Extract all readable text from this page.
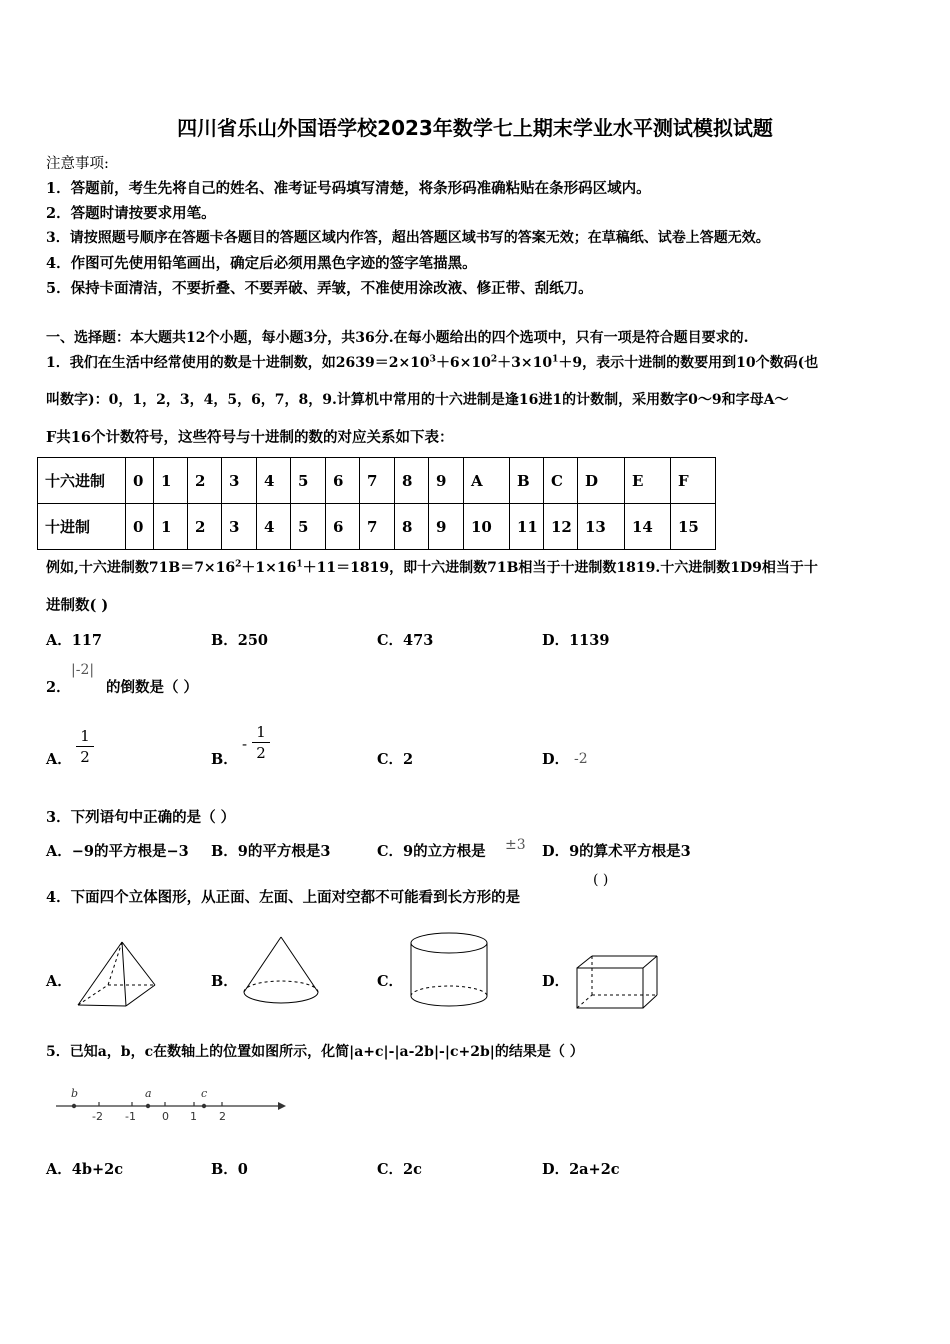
四川省乐山外国语学校2023年数学七上期末学业水平测试模拟试题
注意事项:
1．答题前，考生先将自己的姓名、准考证号码填写清楚，将条形码准确粘贴在条形码区域内。
2．答题时请按要求用笔。
3．请按照题号顺序在答题卡各题目的答题区域内作答，超出答题区域书写的答案无效；在草稿纸、试卷上答题无效。
4．作图可先使用铅笔画出，确定后必须用黑色字迹的签字笔描黑。
5．保持卡面清洁，不要折叠、不要弄破、弄皱，不准使用涂改液、修正带、刮纸刀。
一、选择题：本大题共12个小题，每小题3分，共36分.在每小题给出的四个选项中，只有一项是符合题目要求的.
1．我们在生活中经常使用的数是十进制数，如$2639=2\times 10^3+6\times 10^2+3\times 10^1+9$，表示十进制的数要用到10个数码(也
叫数字)：0，1，2，3，4，5，6，7，8，9.计算机中常用的十六进制是逢16进1的计数制，采用数字0～9和字母A～
F共16个计数符号，这些符号与十进制的数的对应关系如下表：
十六进制	0	1	2	3	4	5	6	7	8	9	A	B	C	D	E	F
十进制	0	1	2	3	4	5	6	7	8	9	10	11	12	13	14	15
例如,十六进制数$71B=7\times 16^2+1\times 16^1+11=1819$，即十六进制数71B相当于十进制数1819.十六进制数1D9相当于十
进制数( )
A．117	B．250	C．473	D．1139
2．
|-2|
的倒数是（ ）
A． $\frac{1}{2}$	B．
- $\frac{1}{2}$	C．2	D． -2
3．下列语句中正确的是（ ）
A．−9的平方根是−3 B．9的平方根是3	C．9的立方根是 ±3 D．9的算术平方根是3
4．下面四个立体图形，从正面、左面、上面对空都不可能看到长方形的是
( )
A．	B．	C．	D．
5．已知a，b，c在数轴上的位置如图所示，化简|a+c|-|a-2b|-|c+2b|的结果是（ ）
b	a	c
-2 -1 0 1 2
A．4b+2c	B．0	C．2c	D．2a+2c
